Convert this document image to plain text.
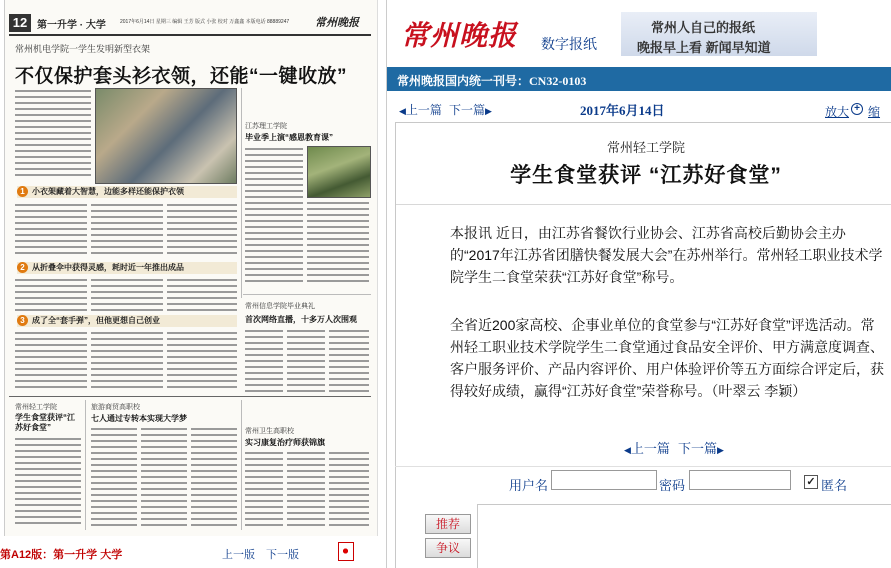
12 第一升学 · 大学	2017年6月14日 星期三 编辑 王芳 版式 小张 校对 万鑫鑫 本版电话 88889247 常州晚报
常州机电学院一学生发明新型衣架
不仅保护套头衫衣领，还能“一键收放”
1 小衣架藏着大智慧，边能多样还能保护衣领
2 从折叠伞中获得灵感，耗时近一年推出成品
3 成了全“套手弹”，但他更想自己创业
江苏理工学院
毕业季上演“感恩教育课”
常州信息学院毕业典礼
首次网络直播，十多万人次围观
常州轻工学院
学生食堂获评“江苏好食堂”
旅游商贸高职校
七人通过专转本实现大学梦
常州卫生高职校
实习康复治疗师获锦旗
第A12版：第一升学 大学	上一版 下一版
常州晚报 数字报纸
常州人自己的报纸
晚报早上看 新闻早知道
常州晚报国内统一刊号：CN32-0103
◀上一篇 下一篇▶	2017年6月14日	放大 + 缩
常州轻工学院
学生食堂获评 “江苏好食堂”

本报讯 近日，由江苏省餐饮行业协会、江苏省高校后勤协会主办的“2017年江苏省团膳快餐发展大会”在苏州举行。常州轻工职业技术学院学生二食堂荣获“江苏好食堂”称号。

全省近200家高校、企事业单位的食堂参与“江苏好食堂”评选活动。常州轻工职业技术学院学生二食堂通过食品安全评价、甲方满意度调查、客户服务评价、产品内容评价、用户体验评价等五方面综合评定后，获得较好成绩，赢得“江苏好食堂”荣誉称号。（叶翠云 李颖）

◀上一篇 下一篇▶
用户名	密码	✓ 匿名
推荐
争议
